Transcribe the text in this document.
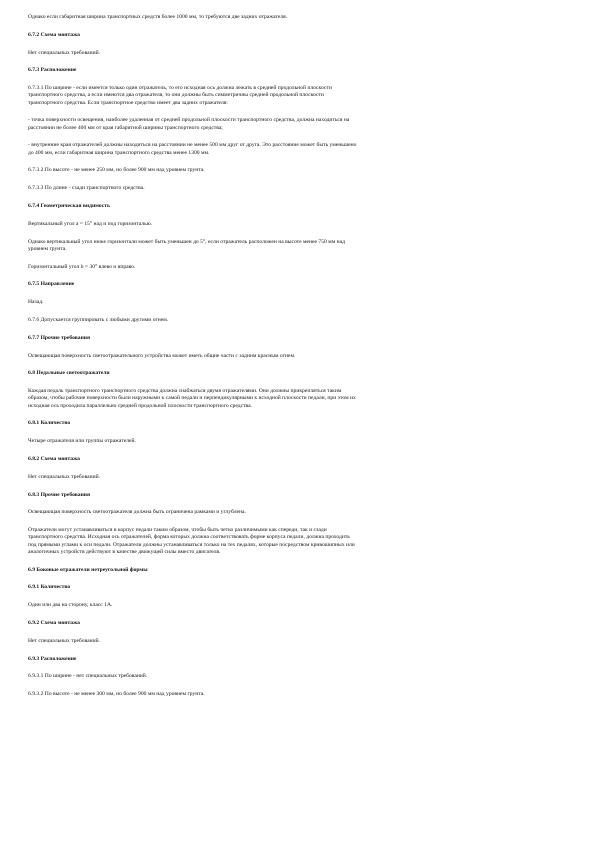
Однако если габаритная ширина транспортных средств более 1000 мм, то требуются две задних отражателя.

6.7.2 Схема монтажа

Нет специальных требований.

6.7.3 Расположение

6.7.3.1 По ширине - если имеется только один отражатель, то его исходная ось должна лежать в средней продольной плоскости
транспортного средства, а если имеются два отражателя, то они должны быть симметричны средней продольной плоскости
транспортного средства. Если транспортное средство имеет два задних отражателя:

- точка поверхности освещения, наиболее удаленная от средней продольной плоскости транспортного средства, должна находиться на
расстоянии не более 400 мм от края габаритной ширины транспортного средства;

- внутренние края отражателей должны находиться на расстоянии не менее 500 мм друг от друга. Это расстояние может быть уменьшено
до 400 мм, если габаритная ширина транспортного средства менее 1300 мм.

6.7.3.2 По высоте - не менее 250 мм, но более 900 мм над уровнем грунта.

6.7.3.3 По длине - сзади транспортного средства.

6.7.4 Геометрическая видимость

Вертикальный угол a = 15° над и под горизонталью.

Однако вертикальный угол ниже горизонтали может быть уменьшен до 5°, если отражатель расположен на высоте менее 750 мм над
уровнем грунта.

Горизонтальный угол b = 30° влево и вправо.

6.7.5 Направление

Назад.

6.7.6 Допускается группировать с любыми другими огнем.

6.7.7 Прочие требования

Освещающая поверхность светоотражательного устройства может иметь общие части с задним красным огнем.

6.8 Педальные светоотражатели

Каждая педаль транспортного транспортного средства должна снабжаться двумя отражателями. Они должны прикрепляться таким
образом, чтобы рабочие поверхности были наружными к самой педали и перпендикулярными к исходной плоскости педали, при этом их
исходная ось проходила параллельно средней продольной плоскости транспортного средства.

6.8.1 Количество

Четыре отражателя или группы отражателей.

6.8.2 Схема монтажа

Нет специальных требований.

6.8.3 Прочие требования

Освещающая поверхность светоотражателя должна быть ограничена рамками и углублена.

Отражатели могут устанавливаться в корпус педали таким образом, чтобы быть четко различимыми как спереди, так и сзади
транспортного средства. Исходная ось отражателей, форма которых должна соответствовать форме корпуса педали, должна проходить
под прямыми углами к оси педали. Отражатели должны устанавливаться только на тех педалях, которые посредством кривошипных или
аналогичных устройств действуют в качестве движущей силы вместо двигателя.

6.9 Боковые отражатели нетреугольной формы

6.9.1 Количество

Один или два на сторону, класс 1А.

6.9.2 Схема монтажа

Нет специальных требований.

6.9.3 Расположение

6.9.3.1 По ширине - нет специальных требований.

6.9.3.2 По высоте - не менее 300 мм, но более 900 мм над уровнем грунта.
